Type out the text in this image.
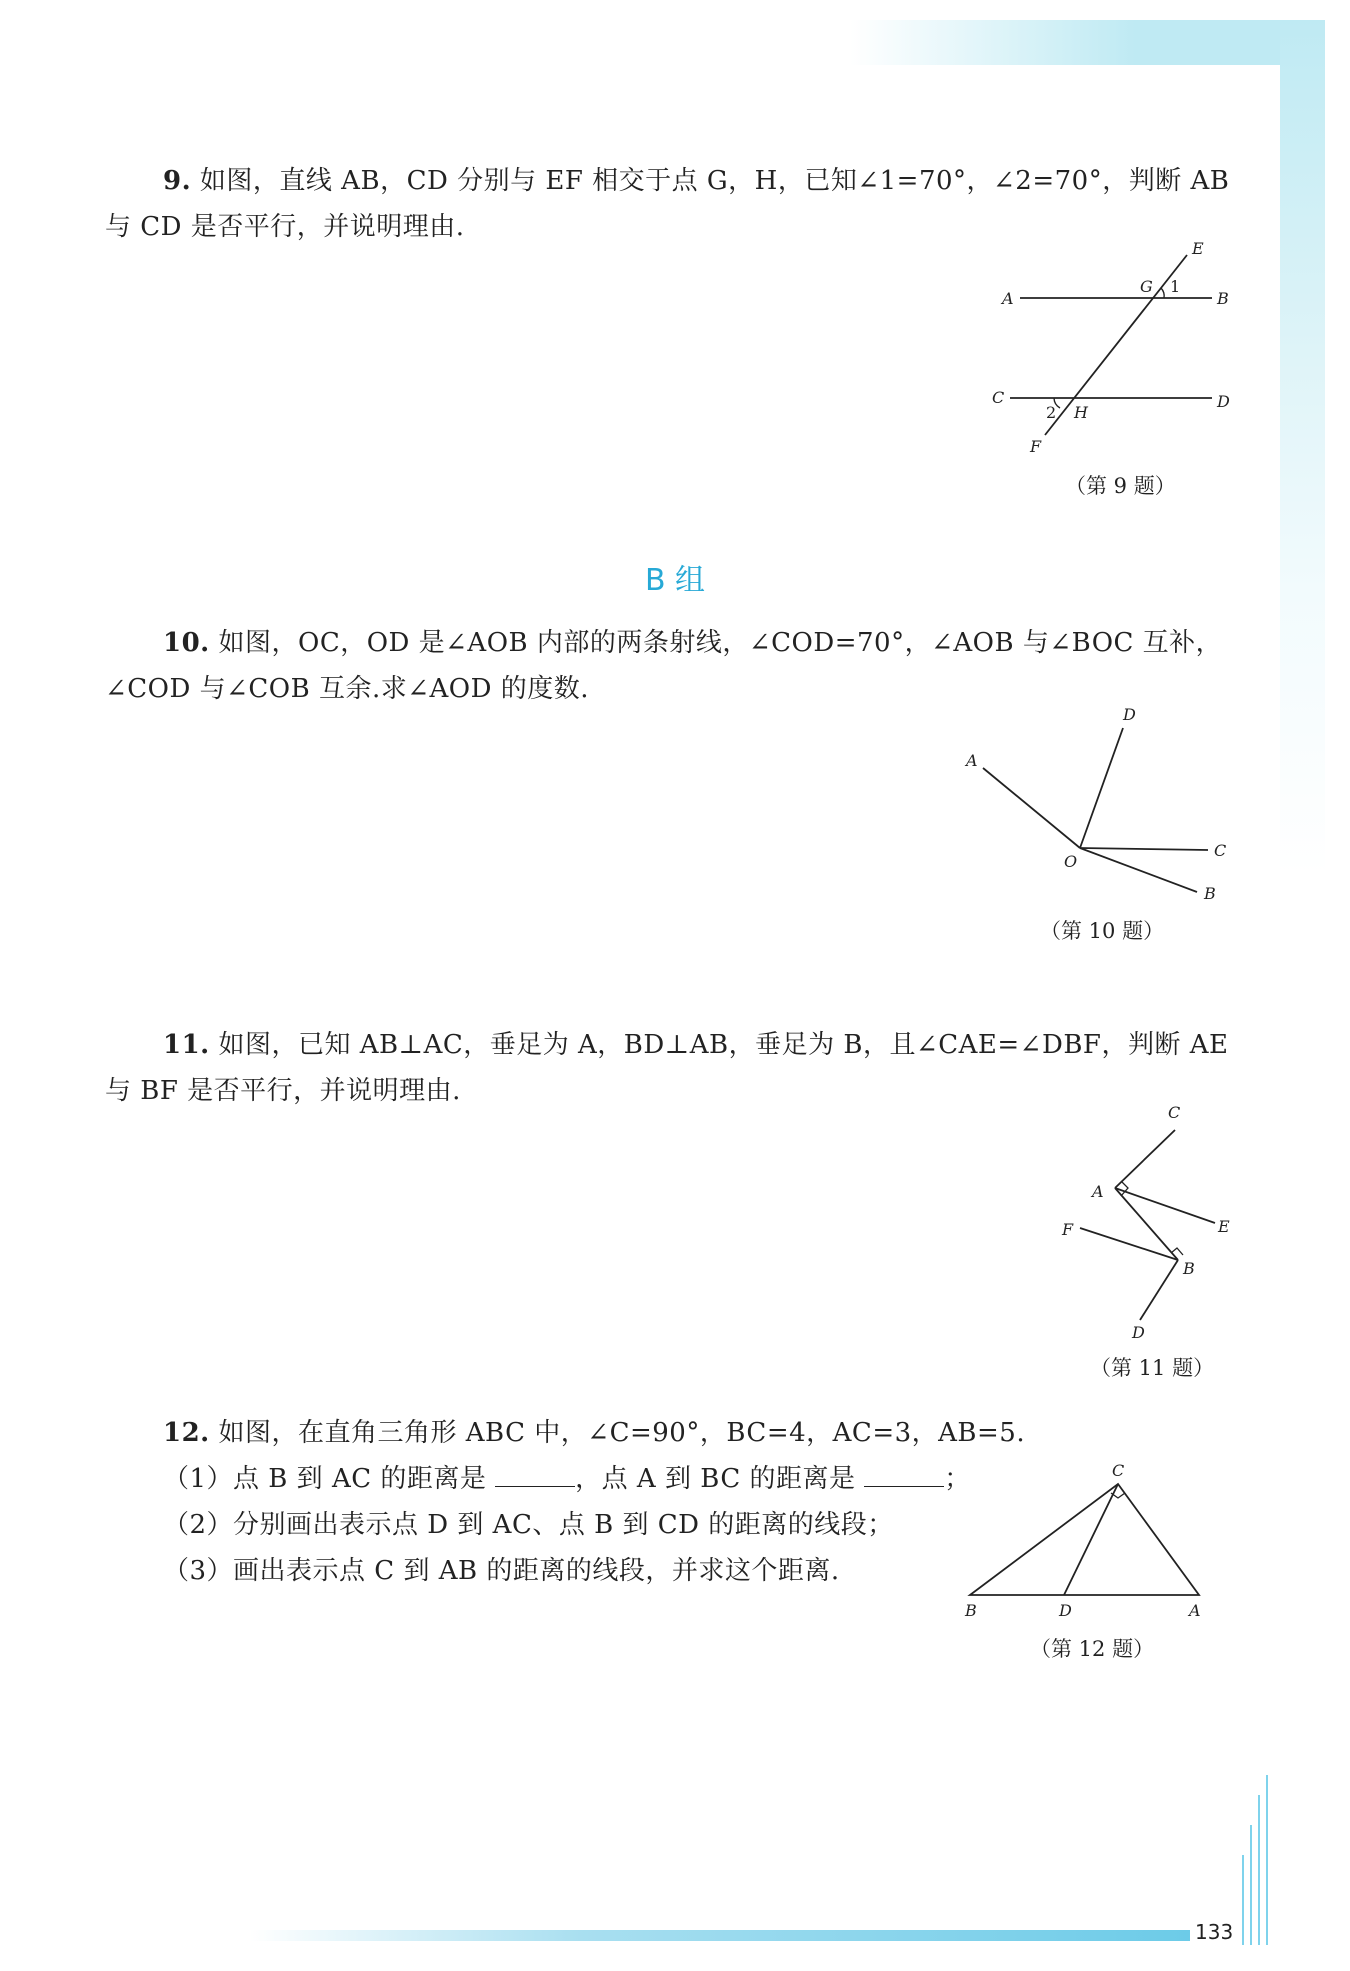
9. 如图，直线 AB，CD 分别与 EF 相交于点 G，H，已知∠1=70°，∠2=70°，判断 AB 与 CD 是否平行，并说明理由.

E
A
G 1
B
C
2 H
D
F
（第 9 题）
B 组

10. 如图，OC，OD 是∠AOB 内部的两条射线，∠COD=70°，∠AOB 与∠BOC 互补，∠COD 与∠COB 互余.求∠AOD 的度数.

D
A
O
C
B
（第 10 题）

11. 如图，已知 AB⊥AC，垂足为 A，BD⊥AB，垂足为 B，且∠CAE=∠DBF，判断 AE 与 BF 是否平行，并说明理由.

C
A
E
F
B
D
（第 11 题）

12. 如图，在直角三角形 ABC 中，∠C=90°，BC=4，AC=3，AB=5.

（1）点 B 到 AC 的距离是	，点 A 到 BC 的距离是	；

（2）分别画出表示点 D 到 AC、点 B 到 CD 的距离的线段；

（3）画出表示点 C 到 AB 的距离的线段，并求这个距离.

C
B	D	A
（第 12 题）
133
